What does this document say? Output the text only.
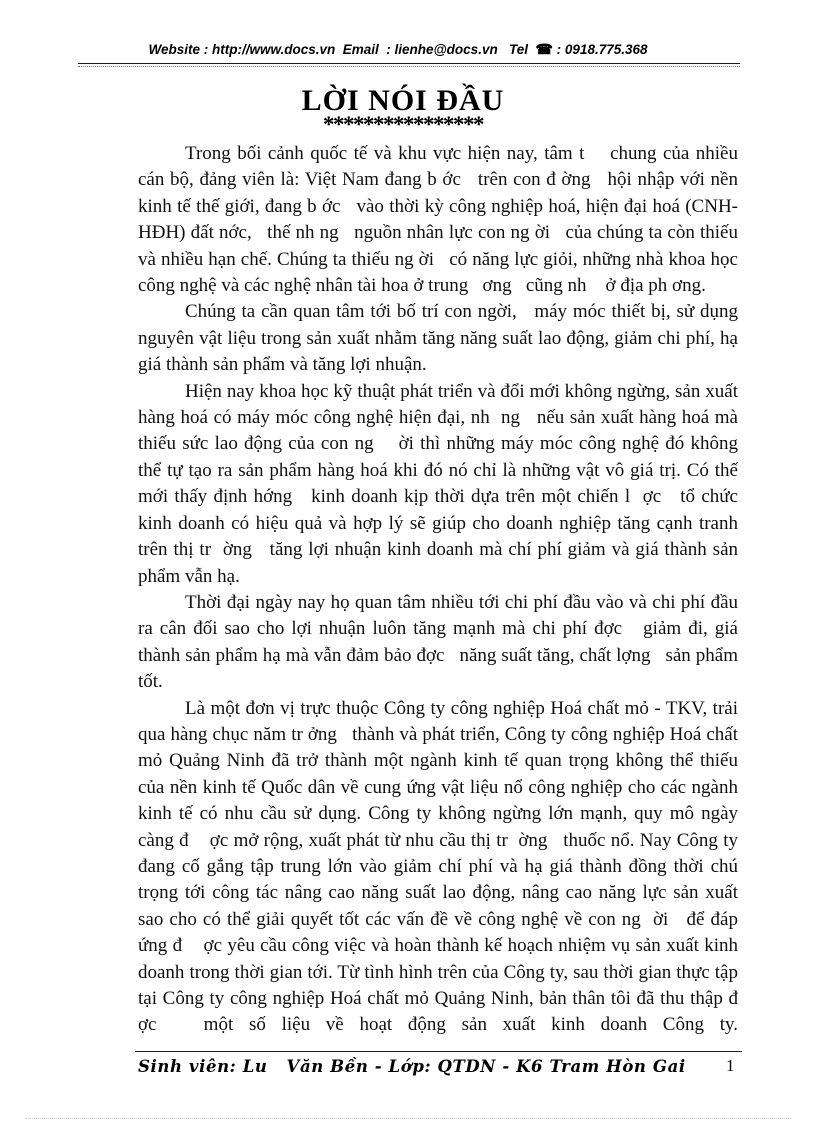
Website : http://www.docs.vn  Email  : lienhe@docs.vn   Tel  ☎ : 0918.775.368
LỜI NÓI ĐẦU
****************

Trong bối cảnh quốc tế và khu vực hiện nay, tâm t    chung của nhiều cán bộ, đảng viên là: Việt Nam đang b ớc   trên con đ ờng   hội nhập với nền kinh tế thế giới, đang b ớc   vào thời kỳ công nghiệp hoá, hiện đại hoá (CNH-HĐH) đất nớc,   thế nh ng   nguồn nhân lực con ng ời   của chúng ta còn thiếu và nhiều hạn chế. Chúng ta thiếu ng ời   có năng lực giỏi, những nhà khoa học công nghệ và các nghệ nhân tài hoa ở trung   ơng   cũng nh    ở địa ph ơng.

Chúng ta cần quan tâm tới bố trí con ngời,   máy móc thiết bị, sử dụng nguyên vật liệu trong sản xuất nhằm tăng năng suất lao động, giảm chi phí, hạ giá thành sản phẩm và tăng lợi nhuận.

Hiện nay khoa học kỹ thuật phát triển và đổi mới không ngừng, sản xuất hàng hoá có máy móc công nghệ hiện đại, nh  ng   nếu sản xuất hàng hoá mà thiếu sức lao động của con ng    ời thì những máy móc công nghệ đó không thể tự tạo ra sản phẩm hàng hoá khi đó nó chỉ là những vật vô giá trị. Có thế mới thấy định hớng   kinh doanh kịp thời dựa trên một chiến l  ợc   tổ chức kinh doanh có hiệu quả và hợp lý sẽ giúp cho doanh nghiệp tăng cạnh tranh trên thị tr  ờng   tăng lợi nhuận kinh doanh mà chí phí giảm và giá thành sản phẩm vẫn hạ.

Thời đại ngày nay họ quan tâm nhiều tới chi phí đầu vào và chi phí đầu ra cân đối sao cho lợi nhuận luôn tăng mạnh mà chi phí đợc   giảm đi, giá thành sản phẩm hạ mà vẫn đảm bảo đợc   năng suất tăng, chất lợng   sản phẩm tốt.

Là một đơn vị trực thuộc Công ty công nghiệp Hoá chất mỏ - TKV, trải qua hàng chục năm tr ởng   thành và phát triển, Công ty công nghiệp Hoá chất mỏ Quảng Ninh đã trở thành một ngành kinh tế quan trọng không thể thiếu của nền kinh tế Quốc dân về cung ứng vật liệu nổ công nghiệp cho các ngành kinh tế có nhu cầu sử dụng. Công ty không ngừng lớn mạnh, quy mô ngày càng đ    ợc mở rộng, xuất phát từ nhu cầu thị tr  ờng   thuốc nổ. Nay Công ty đang cố gắng tập trung lớn vào giảm chí phí và hạ giá thành đồng thời chú trọng tới công tác nâng cao năng suất lao động, nâng cao năng lực sản xuất sao cho có thể giải quyết tốt các vấn đề về công nghệ về con ng  ời   để đáp ứng đ    ợc yêu cầu công việc và hoàn thành kế hoạch nhiệm vụ sản xuất kinh doanh trong thời gian tới. Từ tình hình trên của Công ty, sau thời gian thực tập tại Công ty công nghiệp Hoá chất mỏ Quảng Ninh, bản thân tôi đã thu thập đ ợc   một số liệu về hoạt động sản xuất kinh doanh Công ty.

Sinh viên: Lu   Văn Bền - Lớp: QTDN - K6 Tram Hòn Gai 1
